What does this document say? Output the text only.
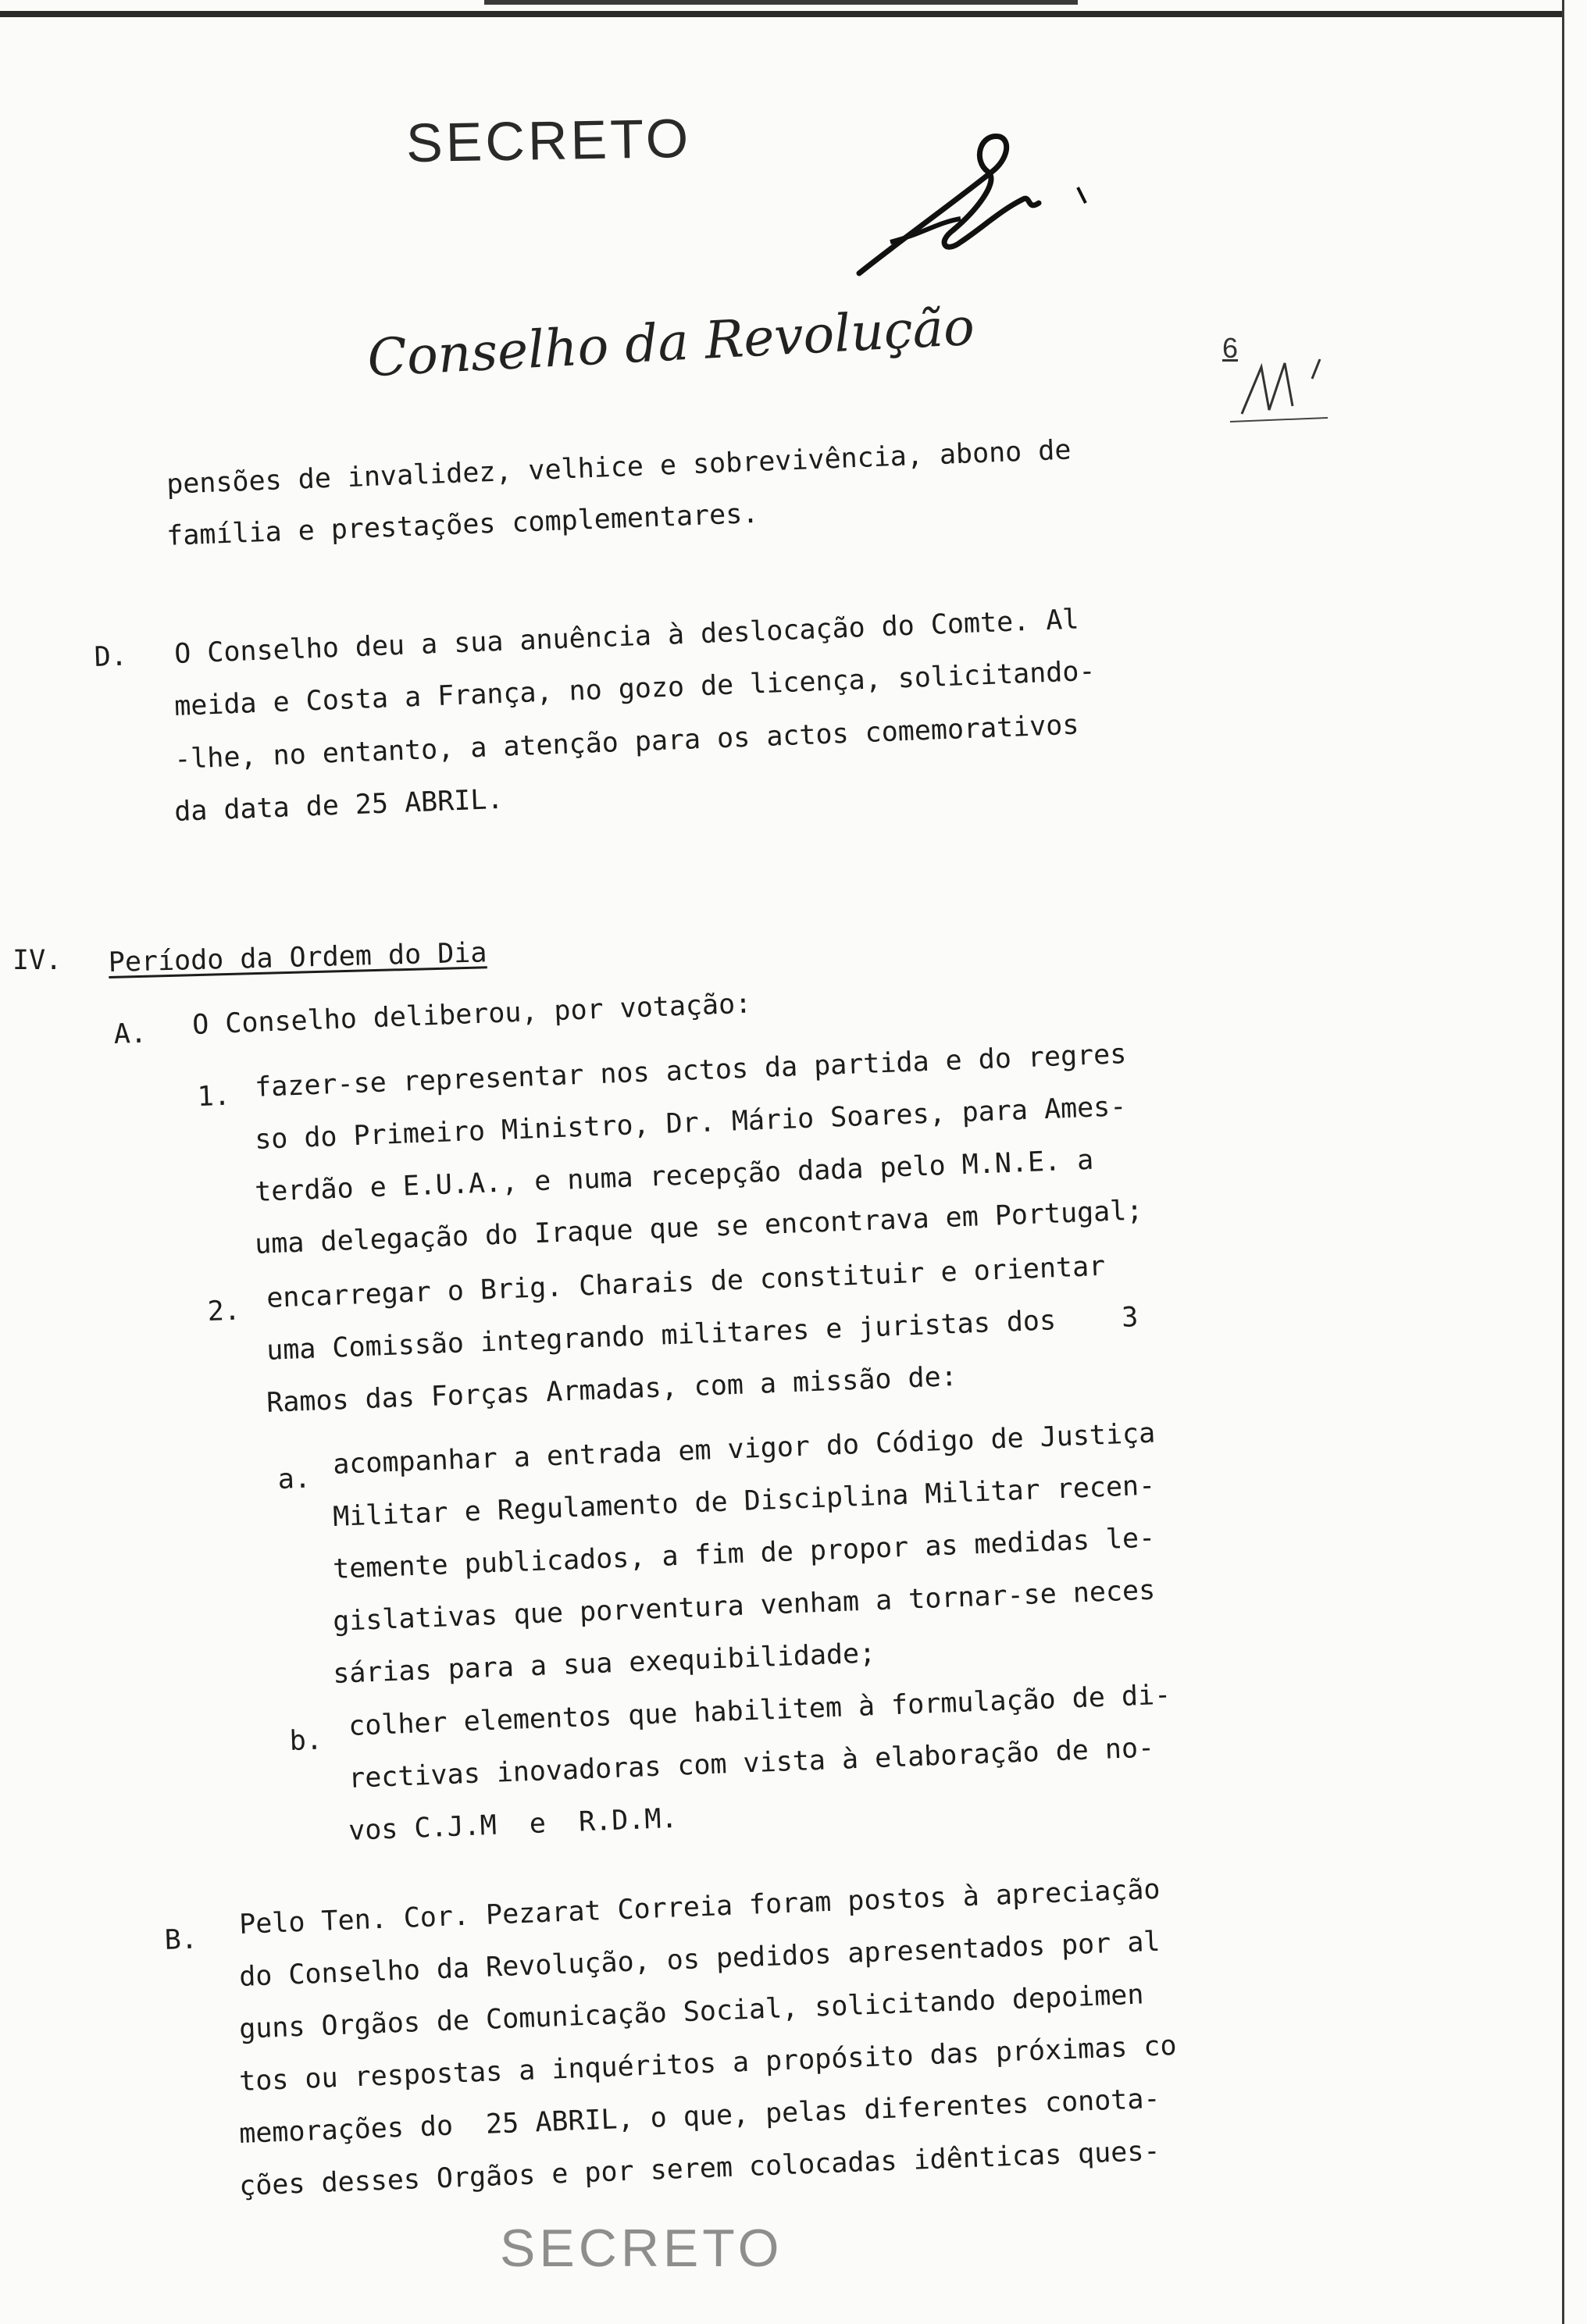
SECRETO
Conselho da Revolução	6
pensões de invalidez, velhice e sobrevivência, abono de
família e prestações complementares.
D. O Conselho deu a sua anuência à deslocação do Comte. Al
meida e Costa a França, no gozo de licença, solicitando-
-lhe, no entanto, a atenção para os actos comemorativos
da data de 25 ABRIL.
IV. Período da Ordem do Dia
A. O Conselho deliberou, por votação:
1. fazer-se representar nos actos da partida e do regres
so do Primeiro Ministro, Dr. Mário Soares, para Ames-
terdão e E.U.A., e numa recepção dada pelo M.N.E. a
uma delegação do Iraque que se encontrava em Portugal;
2. encarregar o Brig. Charais de constituir e orientar
uma Comissão integrando militares e juristas dos    3
Ramos das Forças Armadas, com a missão de:
a. acompanhar a entrada em vigor do Código de Justiça
Militar e Regulamento de Disciplina Militar recen-
temente publicados, a fim de propor as medidas le-
gislativas que porventura venham a tornar-se neces
sárias para a sua exequibilidade;
b. colher elementos que habilitem à formulação de di-
rectivas inovadoras com vista à elaboração de no-
vos C.J.M  e  R.D.M.
B. Pelo Ten. Cor. Pezarat Correia foram postos à apreciação
do Conselho da Revolução, os pedidos apresentados por al
guns Orgãos de Comunicação Social, solicitando depoimen
tos ou respostas a inquéritos a propósito das próximas co
memorações do  25 ABRIL, o que, pelas diferentes conota-
ções desses Orgãos e por serem colocadas idênticas ques-
SECRETO
